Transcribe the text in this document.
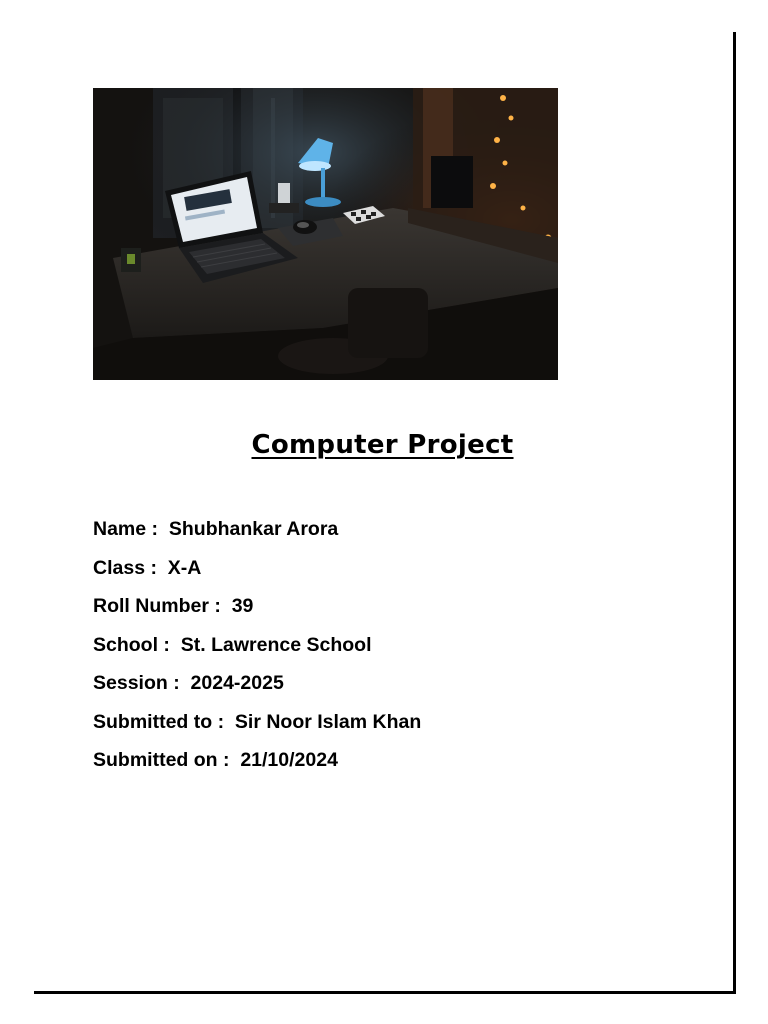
Computer Project
Name :  Shubhankar Arora
Class :  X-A
Roll Number :  39
School :  St. Lawrence School
Session :  2024-2025
Submitted to :  Sir Noor Islam Khan
Submitted on :  21/10/2024
